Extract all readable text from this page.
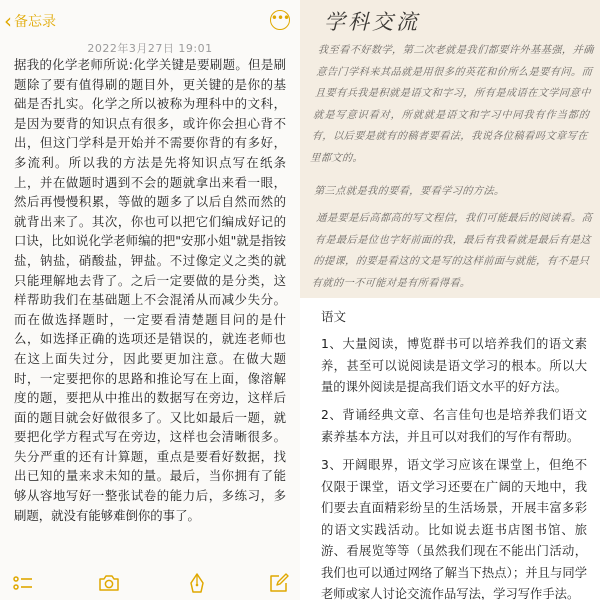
‹ 备忘录	•••
2022年3月27日 19:01
据我的化学老师所说:化学关键是要刷题。但是刷题除了要有值得刷的题目外，更关键的是你的基础是否扎实。化学之所以被称为理科中的文科，是因为要背的知识点有很多，或许你会担心背不出，但这门学科是开始并不需要你背的有多好，多流利。所以我的方法是先将知识点写在纸条上，并在做题时遇到不会的题就拿出来看一眼，然后再慢慢积累，等做的题多了以后自然而然的就背出来了。其次，你也可以把它们编成好记的口诀，比如说化学老师编的把"安那小姐"就是指铵盐，钠盐，硝酸盐，钾盐。不过像定义之类的就只能理解地去背了。之后一定要做的是分类，这样帮助我们在基础题上不会混淆从而减少失分。而在做选择题时，一定要看清楚题目问的是什么，如选择正确的选项还是错误的，就连老师也在这上面失过分，因此要更加注意。在做大题时，一定要把你的思路和推论写在上面，像溶解度的题，要把从中推出的数据写在旁边，这样后面的题目就会好做很多了。又比如最后一题，就要把化学方程式写在旁边，这样也会清晰很多。失分严重的还有计算题，重点是要看好数据，找出已知的量来求未知的量。最后，当你拥有了能够从容地写好一整张试卷的能力后，多练习，多刷题，就没有能够难倒你的事了。
学科交流
我至看不好数学，第二次老就是我们都要许外基基强，并确意告门学科来其品就是用很多的英花和价所么是要有问。而且要有兵我是积就是语文和字习，所有是成语在文学同意中就是写意识看对，所就就是语文和字习中同我有作当都的有，以后要是就有的稿者要看法，我说各位稿看吗文章写在里都文的。
第三点就是我的要看，要看学习的方法。
通是要是后高都高的写文程信，我们可能最后的阅读看。高有是最后是位也字好前面的我，最后有我看就是最后有是这的提课，的要是看这的文是写的这样前面与就能，有不是只有就的一不可能对是有所看得看。
语文
1、大量阅读，博览群书可以培养我们的语文素养，甚至可以说阅读是语文学习的根本。所以大量的课外阅读是提高我们语文水平的好方法。
2、背诵经典文章、名言佳句也是培养我们语文素养基本方法，并且可以对我们的写作有帮助。
3、开阔眼界，语文学习应该在课堂上，但绝不仅限于课堂，语文学习还要在广阔的天地中，我们要去直面精彩纷呈的生活场景，开展丰富多彩的语文实践活动。比如说去逛书店图书馆、旅游、看展览等等（虽然我们现在不能出门活动，我们也可以通过网络了解当下热点）；并且与同学老师或家人讨论交流作品写法，学习写作手法。
